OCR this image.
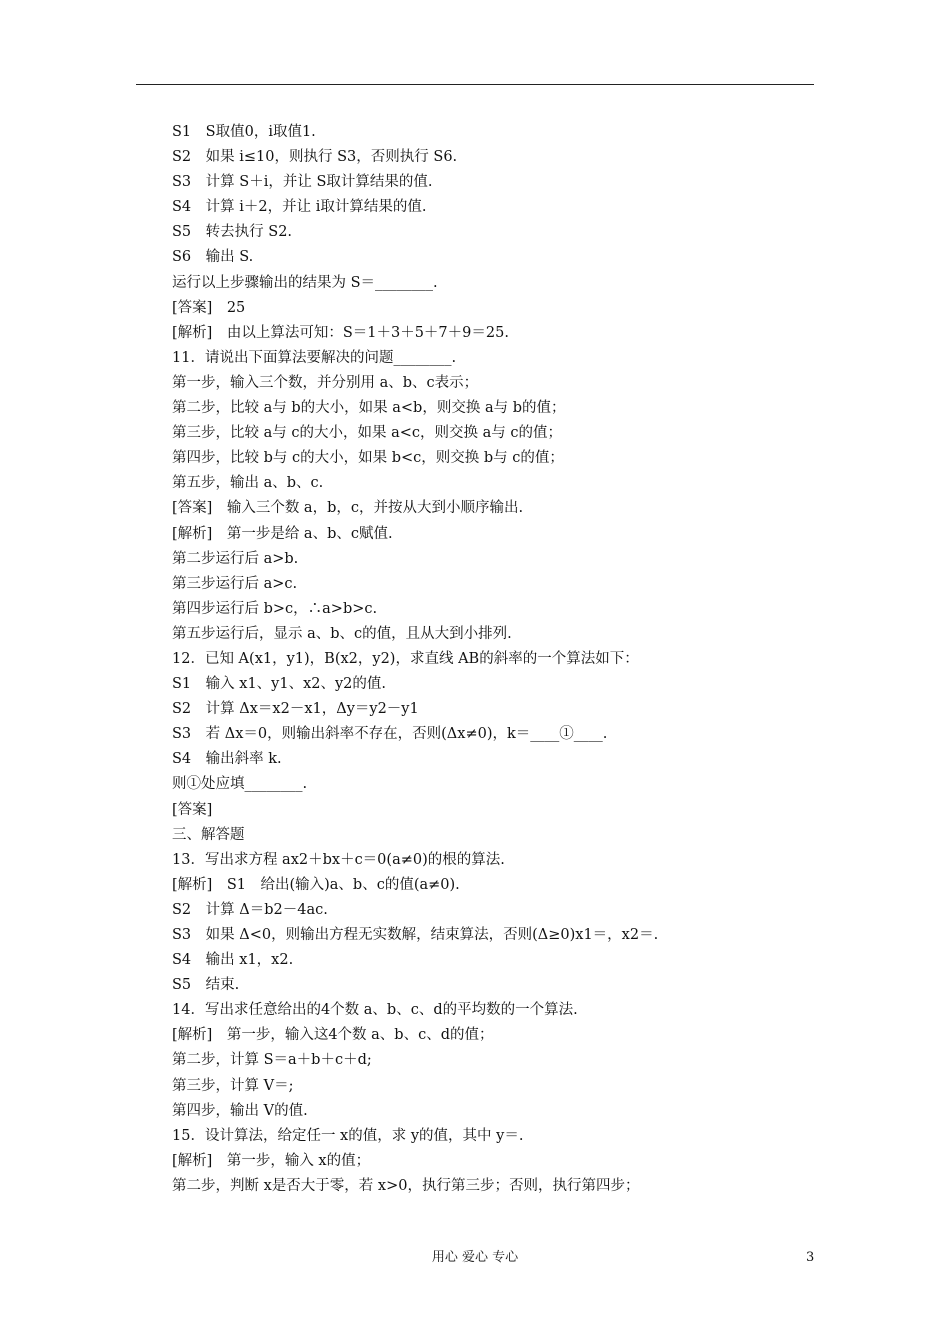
S1　S取值0，i取值1.
S2　如果 i≤10，则执行 S3，否则执行 S6.
S3　计算 S＋i，并让 S取计算结果的值.
S4　计算 i＋2，并让 i取计算结果的值.
S5　转去执行 S2.
S6　输出 S.
运行以上步骤输出的结果为 S＝________.
[答案]　25
[解析]　由以上算法可知：S＝1＋3＋5＋7＋9＝25.
11．请说出下面算法要解决的问题________.
第一步，输入三个数，并分别用 a、b、c表示；
第二步，比较 a与 b的大小，如果 a<b，则交换 a与 b的值；
第三步，比较 a与 c的大小，如果 a<c，则交换 a与 c的值；
第四步，比较 b与 c的大小，如果 b<c，则交换 b与 c的值；
第五步，输出 a、b、c.
[答案]　输入三个数 a，b，c，并按从大到小顺序输出.
[解析]　第一步是给 a、b、c赋值.
第二步运行后 a>b.
第三步运行后 a>c.
第四步运行后 b>c，∴a>b>c.
第五步运行后，显示 a、b、c的值，且从大到小排列.
12．已知 A(x1，y1)，B(x2，y2)，求直线 AB的斜率的一个算法如下：
S1　输入 x1、y1、x2、y2的值.
S2　计算 Δx＝x2－x1，Δy＝y2－y1
S3　若 Δx＝0，则输出斜率不存在，否则(Δx≠0)，k＝____①____.
S4　输出斜率 k.
则①处应填________.
[答案]
三、解答题
13．写出求方程 ax2＋bx＋c＝0(a≠0)的根的算法.
[解析]　S1　给出(输入)a、b、c的值(a≠0).
S2　计算 Δ＝b2－4ac.
S3　如果 Δ<0，则输出方程无实数解，结束算法，否则(Δ≥0)x1＝，x2＝.
S4　输出 x1，x2.
S5　结束.
14．写出求任意给出的4个数 a、b、c、d的平均数的一个算法.
[解析]　第一步，输入这4个数 a、b、c、d的值；
第二步，计算 S＝a＋b＋c＋d;
第三步，计算 V＝;
第四步，输出 V的值.
15．设计算法，给定任一 x的值，求 y的值，其中 y＝.
[解析]　第一步，输入 x的值；
第二步，判断 x是否大于零，若 x>0，执行第三步；否则，执行第四步；
用心 爱心 专心	3
